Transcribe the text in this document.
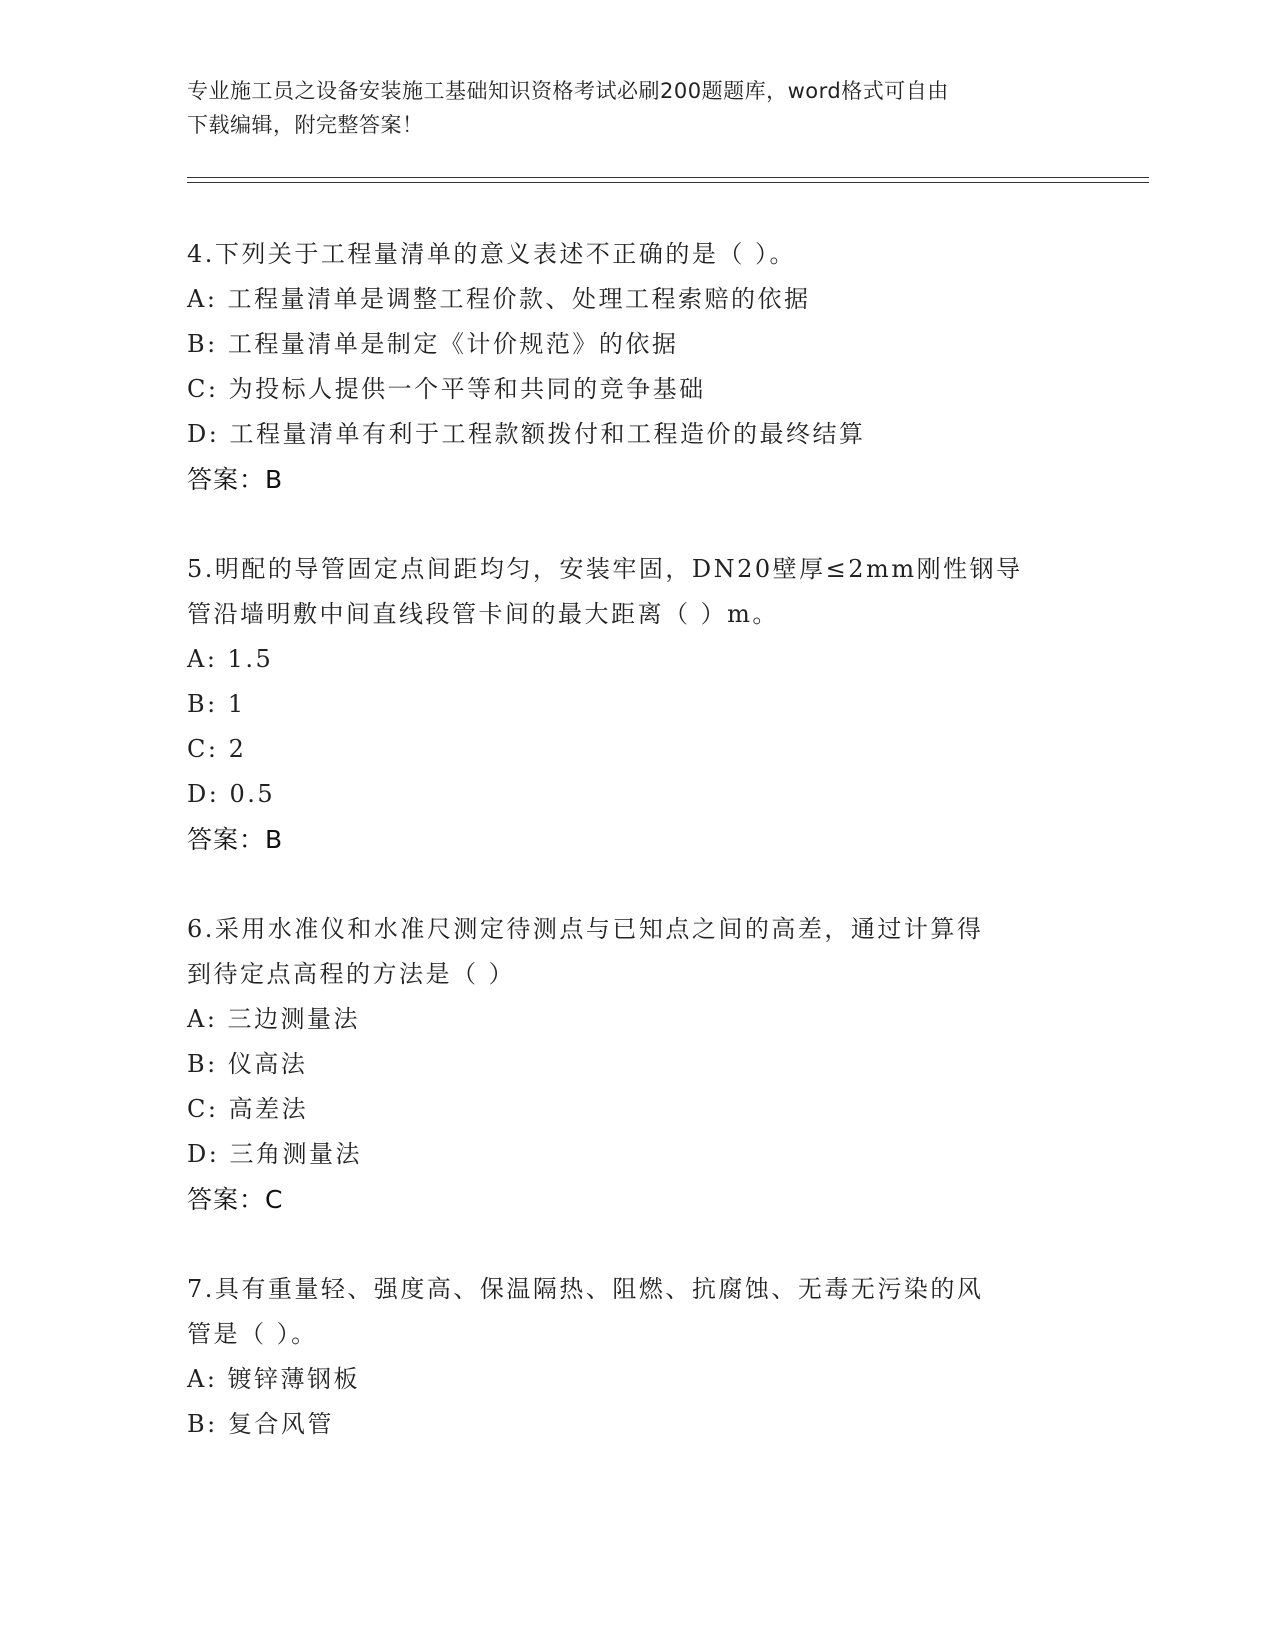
专业施工员之设备安装施工基础知识资格考试必刷200题题库，word格式可自由
下载编辑，附完整答案！

4.下列关于工程量清单的意义表述不正确的是（ ）。

A: 工程量清单是调整工程价款、处理工程索赔的依据

B: 工程量清单是制定《计价规范》的依据

C: 为投标人提供一个平等和共同的竞争基础

D: 工程量清单有利于工程款额拨付和工程造价的最终结算

答案：B

5.明配的导管固定点间距均匀，安装牢固，DN20壁厚≤2mm刚性钢导

管沿墙明敷中间直线段管卡间的最大距离（ ）m。

A: 1.5

B: 1

C: 2

D: 0.5

答案：B

6.采用水准仪和水准尺测定待测点与已知点之间的高差，通过计算得

到待定点高程的方法是（ ）

A: 三边测量法

B: 仪高法

C: 高差法

D: 三角测量法

答案：C

7.具有重量轻、强度高、保温隔热、阻燃、抗腐蚀、无毒无污染的风

管是（ ）。

A: 镀锌薄钢板

B: 复合风管
